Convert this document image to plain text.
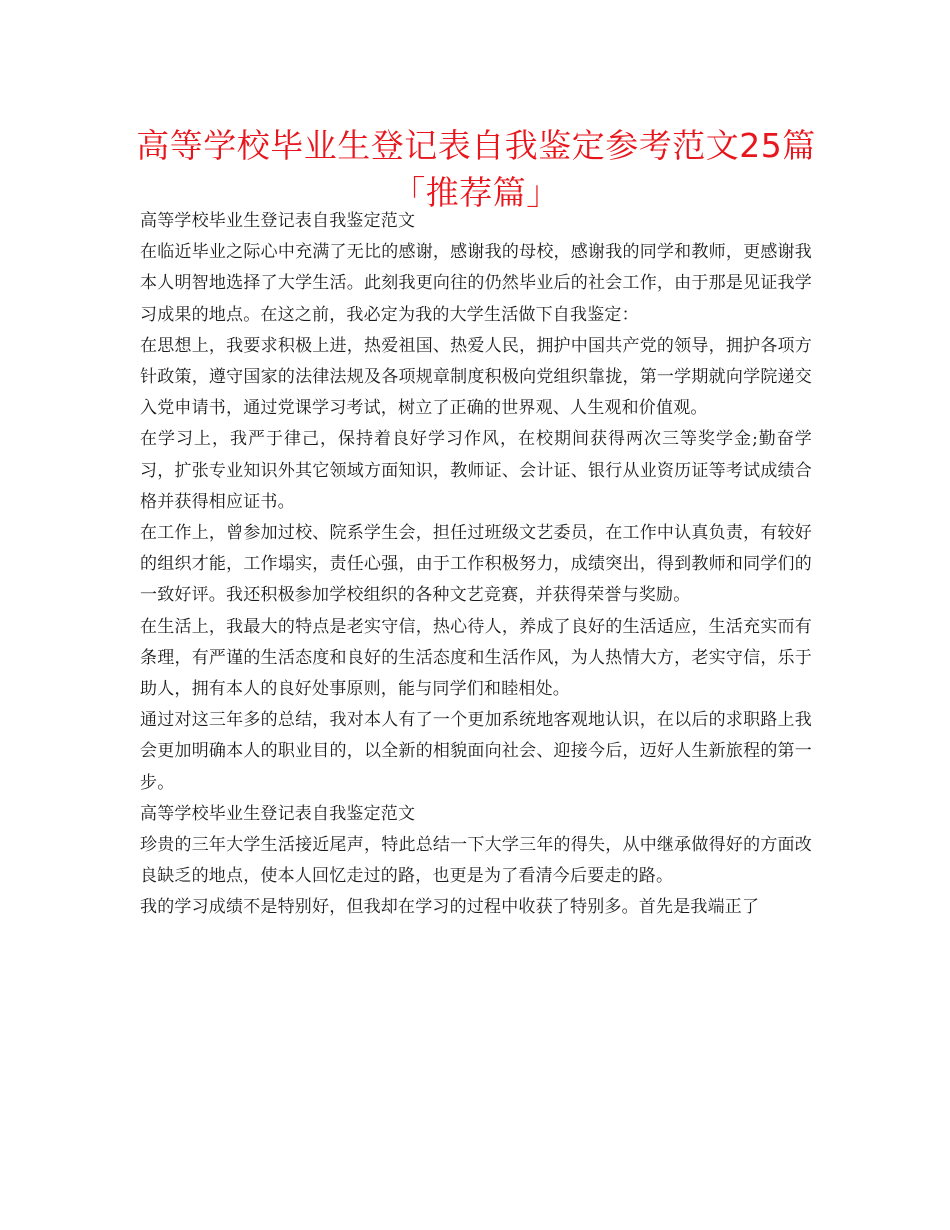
高等学校毕业生登记表自我鉴定参考范文25篇「推荐篇」

高等学校毕业生登记表自我鉴定范文

在临近毕业之际心中充满了无比的感谢，感谢我的母校，感谢我的同学和教师，更感谢我本人明智地选择了大学生活。此刻我更向往的仍然毕业后的社会工作，由于那是见证我学习成果的地点。在这之前，我必定为我的大学生活做下自我鉴定：

在思想上，我要求积极上进，热爱祖国、热爱人民，拥护中国共产党的领导，拥护各项方针政策，遵守国家的法律法规及各项规章制度积极向党组织靠拢，第一学期就向学院递交入党申请书，通过党课学习考试，树立了正确的世界观、人生观和价值观。

在学习上，我严于律己，保持着良好学习作风，在校期间获得两次三等奖学金;勤奋学习，扩张专业知识外其它领域方面知识，教师证、会计证、银行从业资历证等考试成绩合格并获得相应证书。

在工作上，曾参加过校、院系学生会，担任过班级文艺委员，在工作中认真负责，有较好的组织才能，工作塌实，责任心强，由于工作积极努力，成绩突出，得到教师和同学们的一致好评。我还积极参加学校组织的各种文艺竞赛，并获得荣誉与奖励。

在生活上，我最大的特点是老实守信，热心待人，养成了良好的生活适应，生活充实而有条理，有严谨的生活态度和良好的生活态度和生活作风，为人热情大方，老实守信，乐于助人，拥有本人的良好处事原则，能与同学们和睦相处。

通过对这三年多的总结，我对本人有了一个更加系统地客观地认识，在以后的求职路上我会更加明确本人的职业目的，以全新的相貌面向社会、迎接今后，迈好人生新旅程的第一步。

高等学校毕业生登记表自我鉴定范文

珍贵的三年大学生活接近尾声，特此总结一下大学三年的得失，从中继承做得好的方面改良缺乏的地点，使本人回忆走过的路，也更是为了看清今后要走的路。

我的学习成绩不是特别好，但我却在学习的过程中收获了特别多。首先是我端正了
